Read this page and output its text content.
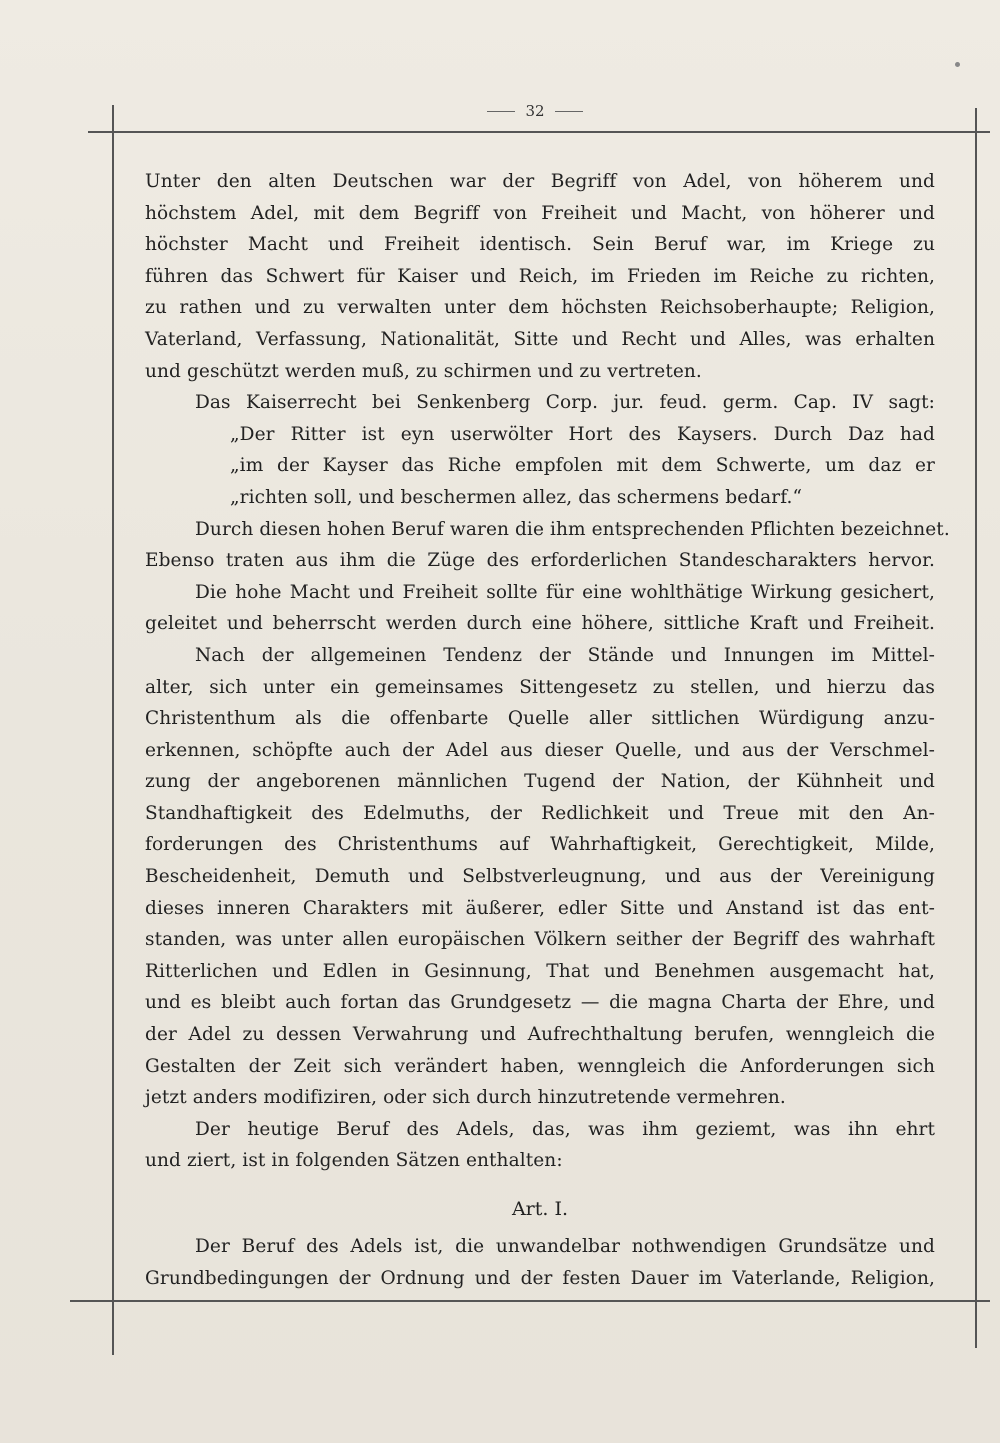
32
Unter den alten Deutschen war der Begriff von Adel, von höherem und
höchstem Adel, mit dem Begriff von Freiheit und Macht, von höherer und
höchster Macht und Freiheit identisch. Sein Beruf war, im Kriege zu
führen das Schwert für Kaiser und Reich, im Frieden im Reiche zu richten,
zu rathen und zu verwalten unter dem höchsten Reichsoberhaupte; Religion,
Vaterland, Verfassung, Nationalität, Sitte und Recht und Alles, was erhalten
und geschützt werden muß, zu schirmen und zu vertreten.
Das Kaiserrecht bei Senkenberg Corp. jur. feud. germ. Cap. IV sagt:
„Der Ritter ist eyn userwölter Hort des Kaysers. Durch Daz had
„im der Kayser das Riche empfolen mit dem Schwerte, um daz er
„richten soll, und beschermen allez, das schermens bedarf.“
Durch diesen hohen Beruf waren die ihm entsprechenden Pflichten bezeichnet.
Ebenso traten aus ihm die Züge des erforderlichen Standescharakters hervor.
Die hohe Macht und Freiheit sollte für eine wohlthätige Wirkung gesichert,
geleitet und beherrscht werden durch eine höhere, sittliche Kraft und Freiheit.
Nach der allgemeinen Tendenz der Stände und Innungen im Mittel-
alter, sich unter ein gemeinsames Sittengesetz zu stellen, und hierzu das
Christenthum als die offenbarte Quelle aller sittlichen Würdigung anzu-
erkennen, schöpfte auch der Adel aus dieser Quelle, und aus der Verschmel-
zung der angeborenen männlichen Tugend der Nation, der Kühnheit und
Standhaftigkeit des Edelmuths, der Redlichkeit und Treue mit den An-
forderungen des Christenthums auf Wahrhaftigkeit, Gerechtigkeit, Milde,
Bescheidenheit, Demuth und Selbstverleugnung, und aus der Vereinigung
dieses inneren Charakters mit äußerer, edler Sitte und Anstand ist das ent-
standen, was unter allen europäischen Völkern seither der Begriff des wahrhaft
Ritterlichen und Edlen in Gesinnung, That und Benehmen ausgemacht hat,
und es bleibt auch fortan das Grundgesetz — die magna Charta der Ehre, und
der Adel zu dessen Verwahrung und Aufrechthaltung berufen, wenngleich die
Gestalten der Zeit sich verändert haben, wenngleich die Anforderungen sich
jetzt anders modifiziren, oder sich durch hinzutretende vermehren.
Der heutige Beruf des Adels, das, was ihm geziemt, was ihn ehrt
und ziert, ist in folgenden Sätzen enthalten:
Art. I.
Der Beruf des Adels ist, die unwandelbar nothwendigen Grundsätze und
Grundbedingungen der Ordnung und der festen Dauer im Vaterlande, Religion,
